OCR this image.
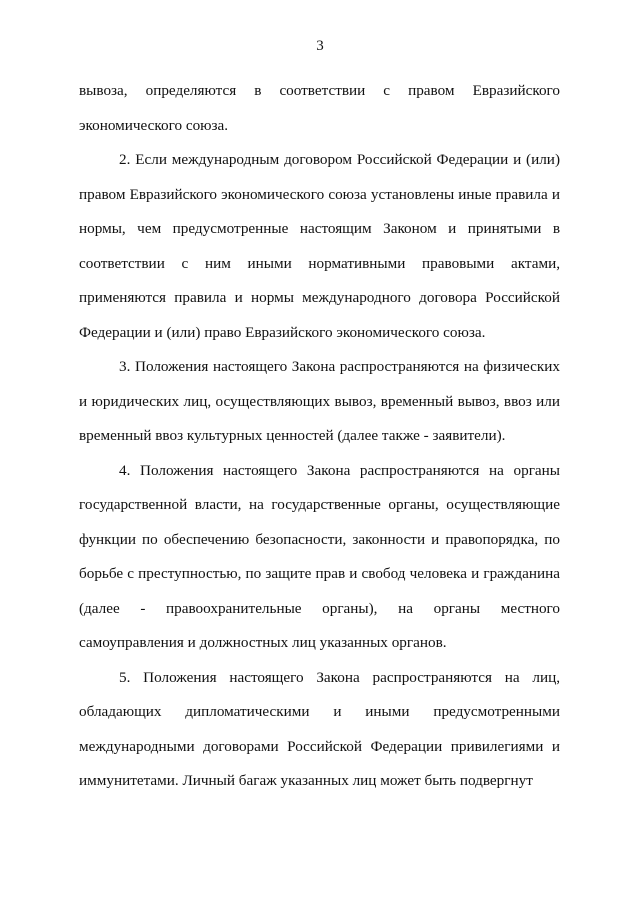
3

вывоза, определяются в соответствии с правом Евразийского экономического союза.

2. Если международным договором Российской Федерации и (или) правом Евразийского экономического союза установлены иные правила и нормы, чем предусмотренные настоящим Законом и принятыми в соответствии с ним иными нормативными правовыми актами, применяются правила и нормы международного договора Российской Федерации и (или) право Евразийского экономического союза.

3. Положения настоящего Закона распространяются на физических и юридических лиц, осуществляющих вывоз, временный вывоз, ввоз или временный ввоз культурных ценностей (далее также - заявители).

4. Положения настоящего Закона распространяются на органы государственной власти, на государственные органы, осуществляющие функции по обеспечению безопасности, законности и правопорядка, по борьбе с преступностью, по защите прав и свобод человека и гражданина (далее - правоохранительные органы), на органы местного самоуправления и должностных лиц указанных органов.

5. Положения настоящего Закона распространяются на лиц, обладающих дипломатическими и иными предусмотренными международными договорами Российской Федерации привилегиями и иммунитетами. Личный багаж указанных лиц может быть подвергнут
